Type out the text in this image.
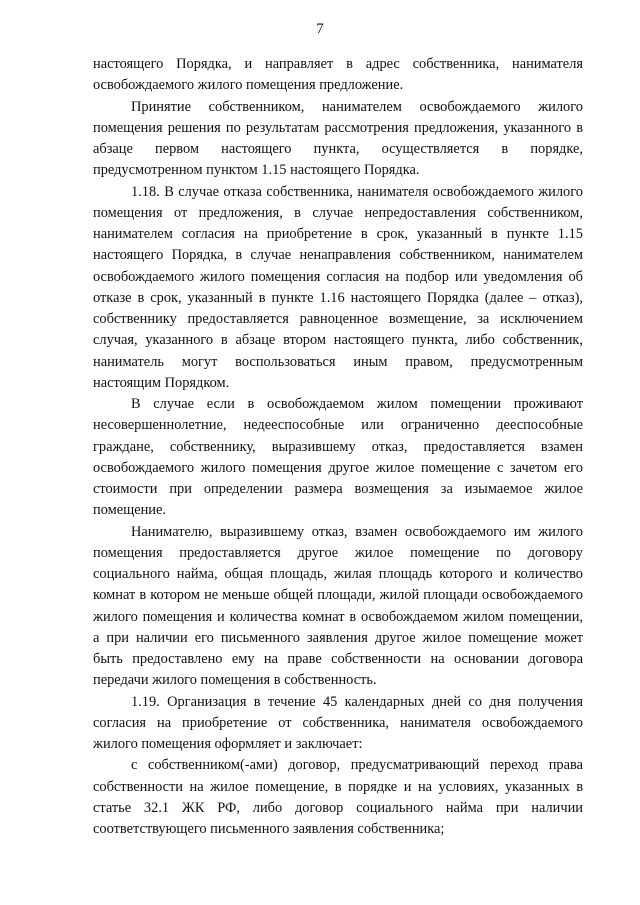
7

настоящего Порядка, и направляет в адрес собственника, нанимателя освобождаемого жилого помещения предложение.

Принятие собственником, нанимателем освобождаемого жилого помещения решения по результатам рассмотрения предложения, указанного в абзаце первом настоящего пункта, осуществляется в порядке, предусмотренном пунктом 1.15 настоящего Порядка.

1.18. В случае отказа собственника, нанимателя освобождаемого жилого помещения от предложения, в случае непредоставления собственником, нанимателем согласия на приобретение в срок, указанный в пункте 1.15 настоящего Порядка, в случае ненаправления собственником, нанимателем освобождаемого жилого помещения согласия на подбор или уведомления об отказе в срок, указанный в пункте 1.16 настоящего Порядка (далее – отказ), собственнику предоставляется равноценное возмещение, за исключением случая, указанного в абзаце втором настоящего пункта, либо собственник, наниматель могут воспользоваться иным правом, предусмотренным настоящим Порядком.

В случае если в освобождаемом жилом помещении проживают несовершеннолетние, недееспособные или ограниченно дееспособные граждане, собственнику, выразившему отказ, предоставляется взамен освобождаемого жилого помещения другое жилое помещение с зачетом его стоимости при определении размера возмещения за изымаемое жилое помещение.

Нанимателю, выразившему отказ, взамен освобождаемого им жилого помещения предоставляется другое жилое помещение по договору социального найма, общая площадь, жилая площадь которого и количество комнат в котором не меньше общей площади, жилой площади освобождаемого жилого помещения и количества комнат в освобождаемом жилом помещении, а при наличии его письменного заявления другое жилое помещение может быть предоставлено ему на праве собственности на основании договора передачи жилого помещения в собственность.

1.19. Организация в течение 45 календарных дней со дня получения согласия на приобретение от собственника, нанимателя освобождаемого жилого помещения оформляет и заключает:

с собственником(-ами) договор, предусматривающий переход права собственности на жилое помещение, в порядке и на условиях, указанных в статье 32.1 ЖК РФ, либо договор социального найма при наличии соответствующего письменного заявления собственника;
